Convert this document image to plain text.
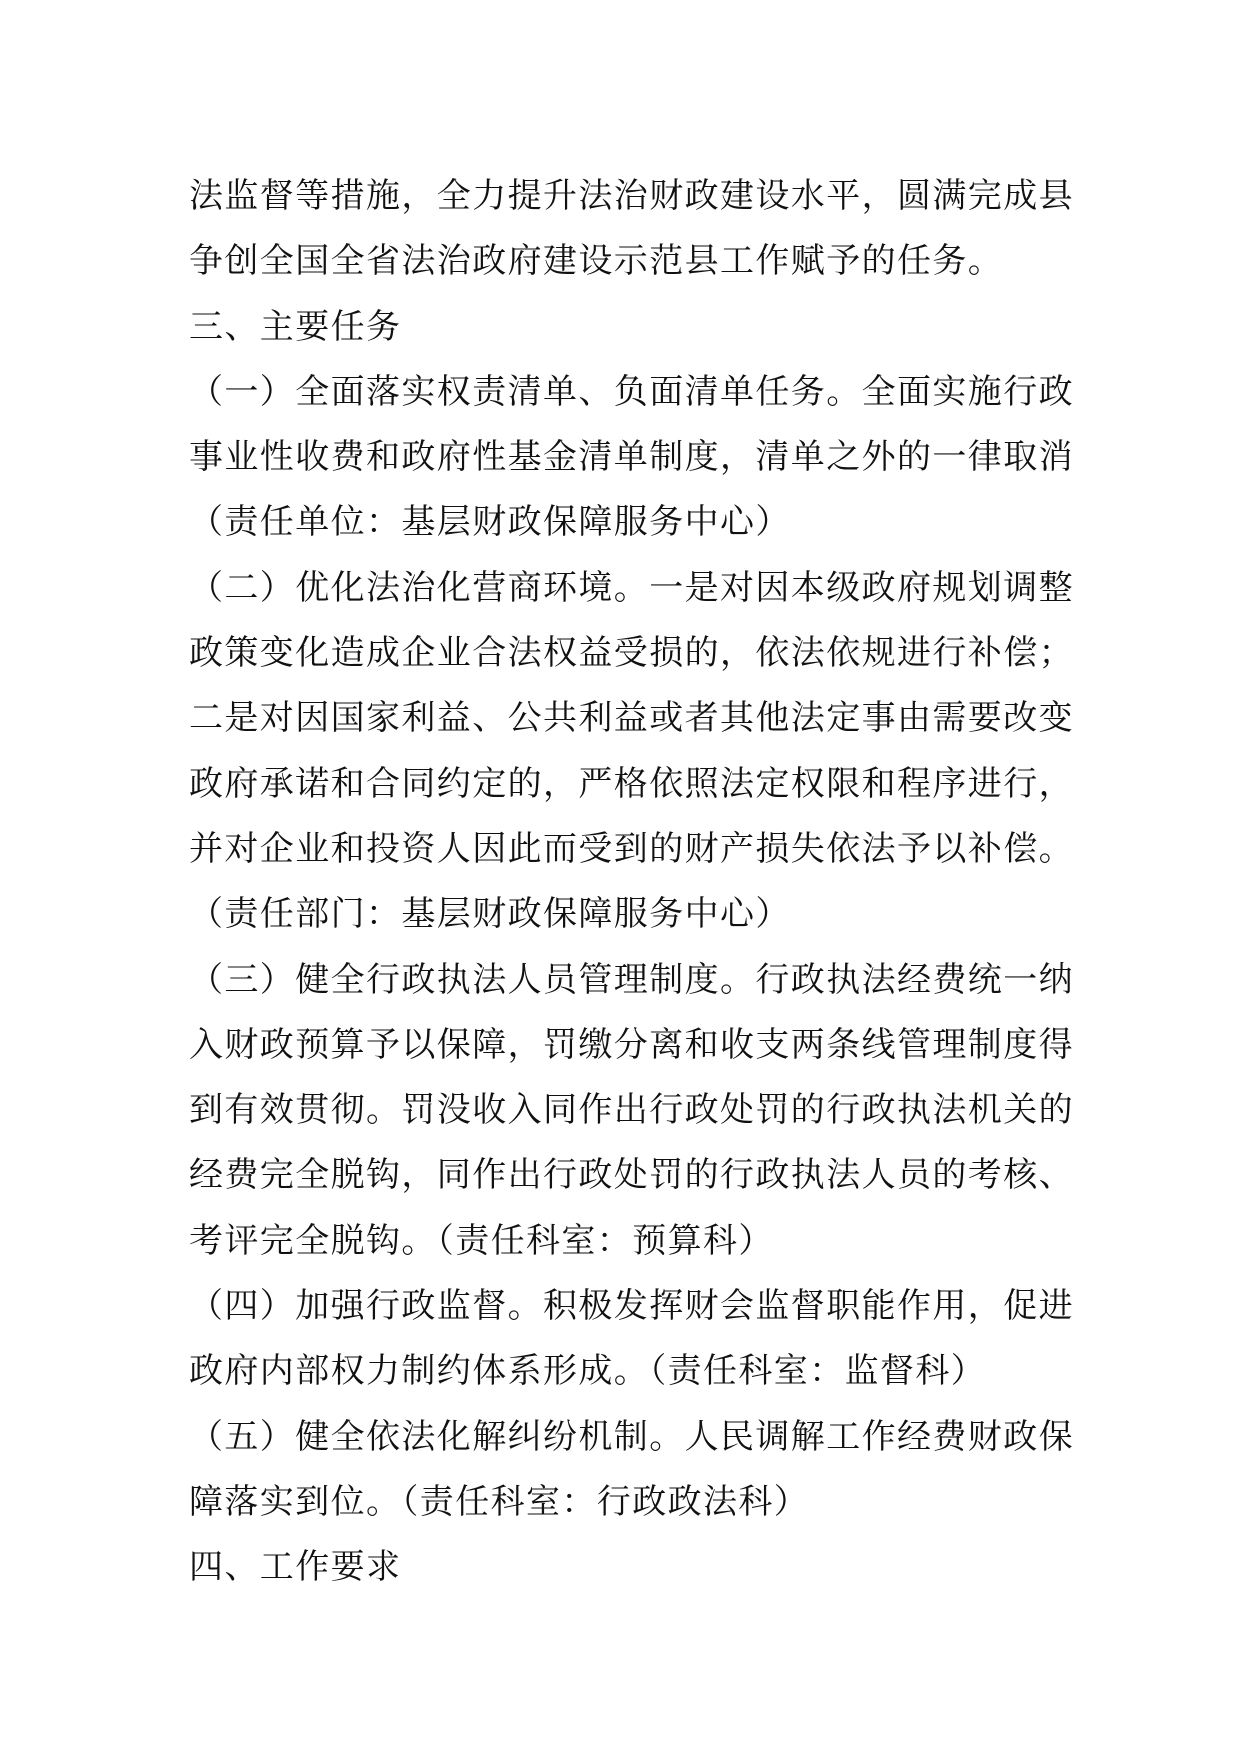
法监督等措施，全力提升法治财政建设水平，圆满完成县
争创全国全省法治政府建设示范县工作赋予的任务。
三、主要任务
（一）全面落实权责清单、负面清单任务。全面实施行政
事业性收费和政府性基金清单制度，清单之外的一律取消
（责任单位：基层财政保障服务中心）
（二）优化法治化营商环境。一是对因本级政府规划调整
政策变化造成企业合法权益受损的，依法依规进行补偿；
二是对因国家利益、公共利益或者其他法定事由需要改变
政府承诺和合同约定的，严格依照法定权限和程序进行，
并对企业和投资人因此而受到的财产损失依法予以补偿。
（责任部门：基层财政保障服务中心）
（三）健全行政执法人员管理制度。行政执法经费统一纳
入财政预算予以保障，罚缴分离和收支两条线管理制度得
到有效贯彻。罚没收入同作出行政处罚的行政执法机关的
经费完全脱钩，同作出行政处罚的行政执法人员的考核、
考评完全脱钩。（责任科室：预算科）
（四）加强行政监督。积极发挥财会监督职能作用，促进
政府内部权力制约体系形成。（责任科室：监督科）
（五）健全依法化解纠纷机制。人民调解工作经费财政保
障落实到位。（责任科室：行政政法科）
四、工作要求
